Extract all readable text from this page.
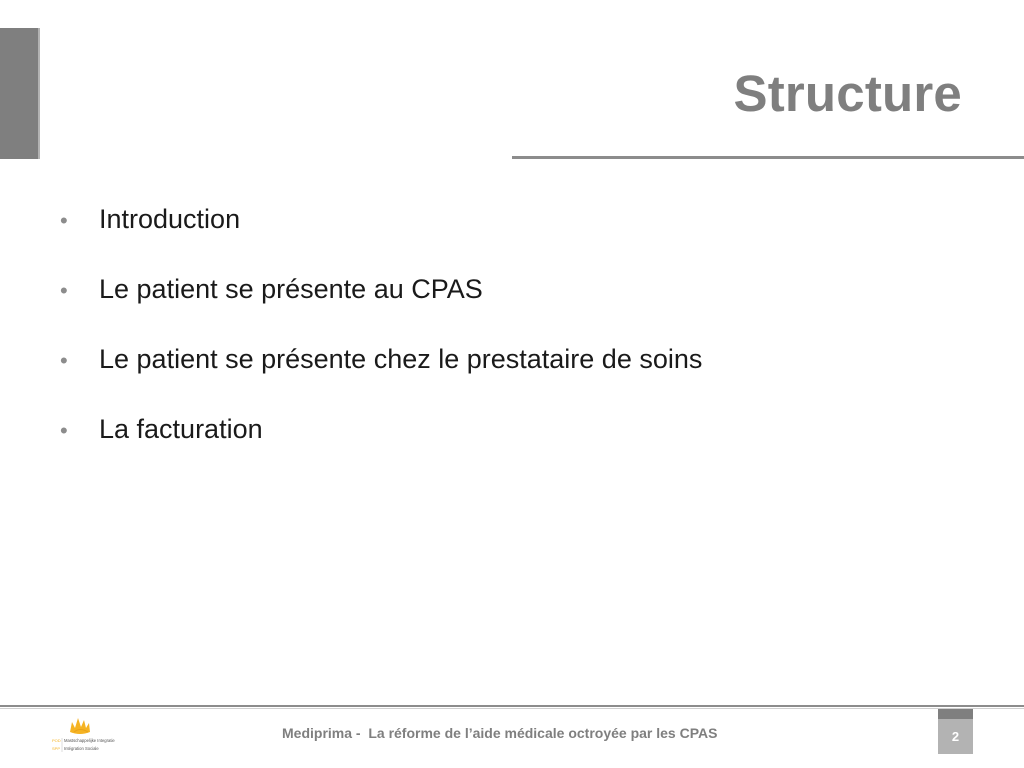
Structure
•	Introduction
•	Le patient se présente au CPAS
•	Le patient se présente chez le prestataire de soins
•	La facturation
POD
SPP
Mastschappelijke Integratie
Intégration Sociale
Mediprima -  La réforme de l’aide médicale octroyée par les CPAS	2
